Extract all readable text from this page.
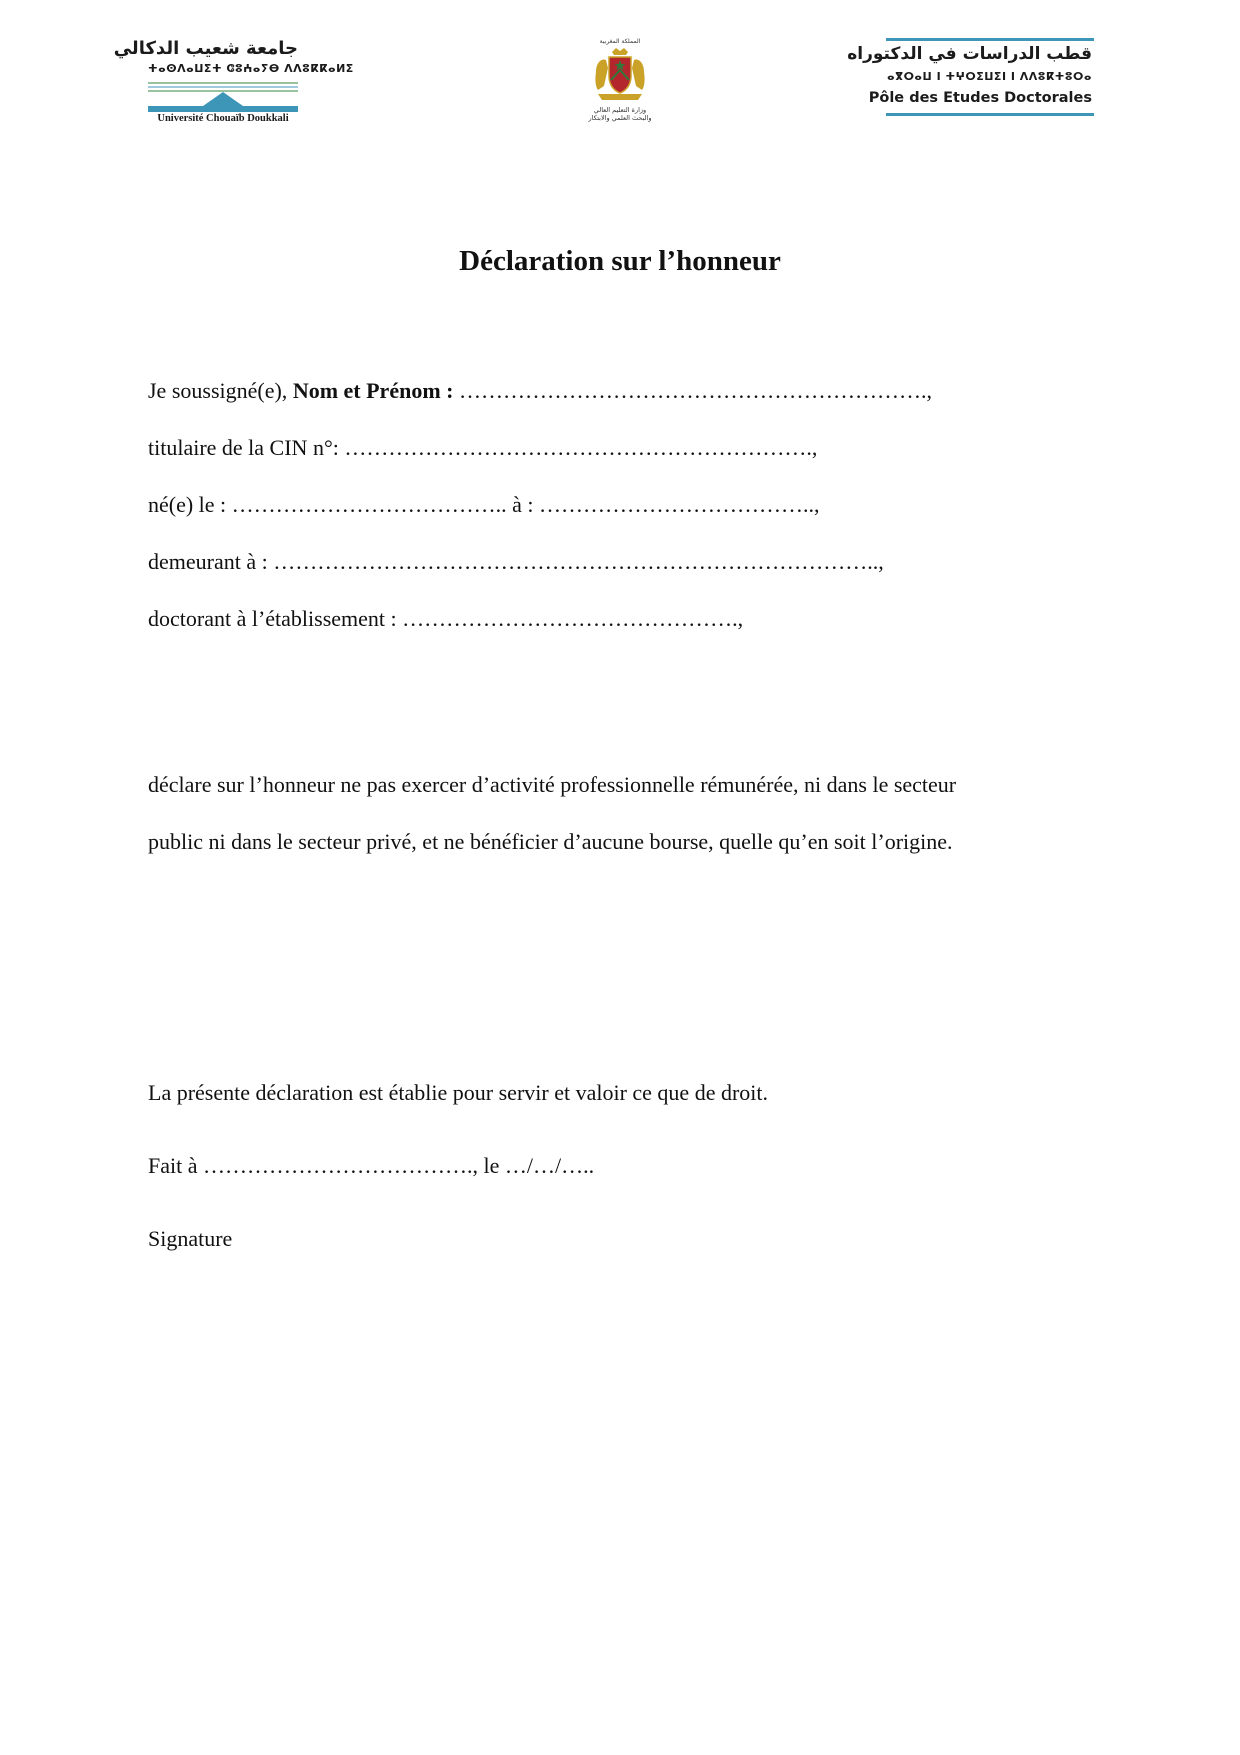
جامعة شعيب الدكالي
ⵜⴰⵙⴷⴰⵡⵉⵜ ⵛⵓⵄⴰⵢⴱ ⴷⴷⵓⴽⴽⴰⵍⵉ
Université Chouaïb Doukkali
المملكة المغربية
وزارة التعليم العالي
والبحث العلمي والابتكار
قطب الدراسات في الدكتوراه
ⴰⴳⵔⴰⵡ ⵏ ⵜⵖⵔⵉⵡⵉⵏ ⵏ ⴷⴷⵓⴽⵜⵓⵔⴰ
Pôle des Etudes Doctorales
Déclaration sur l’honneur

Je soussigné(e), Nom et Prénom : ……………………………………………………….,

titulaire de la CIN n°: ……………………………………………………….,

né(e) le : ……………………………….. à : ………………………………..,

demeurant à : ………………………………………………………………………..,

doctorant à l’établissement : ……………………………………….,

déclare sur l’honneur ne pas exercer d’activité professionnelle rémunérée, ni dans le secteur

public ni dans le secteur privé, et ne bénéficier d’aucune bourse, quelle qu’en soit l’origine.

La présente déclaration est établie pour servir et valoir ce que de droit.

Fait à ………………………………., le …/…/…..

Signature
